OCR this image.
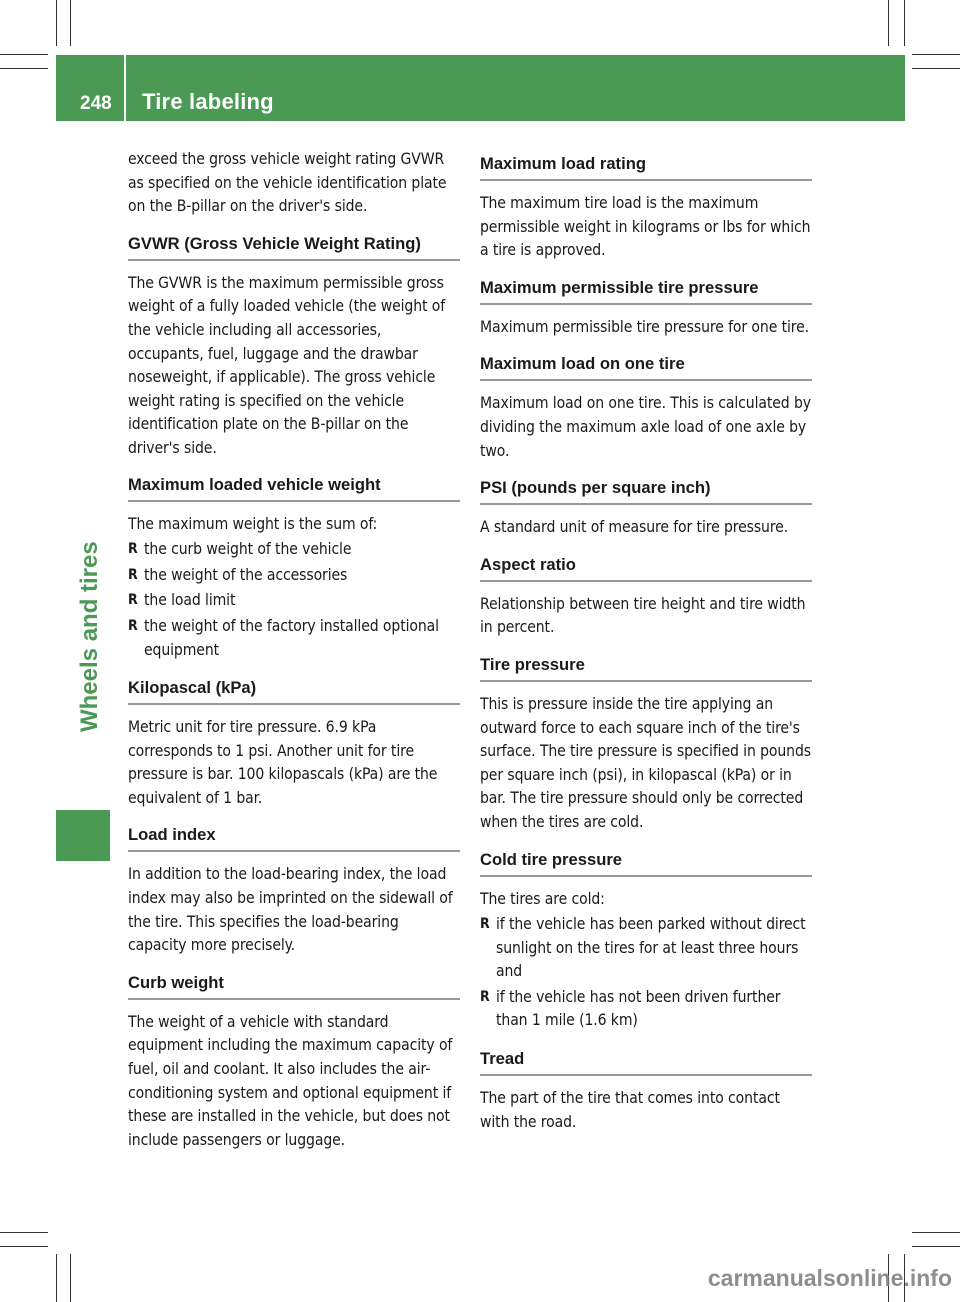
248 Tire labeling
Wheels and tires

exceed the gross vehicle weight rating GVWR as specified on the vehicle identification plate on the B-pillar on the driver's side.

GVWR (Gross Vehicle Weight Rating)

The GVWR is the maximum permissible gross weight of a fully loaded vehicle (the weight of the vehicle including all accessories, occupants, fuel, luggage and the drawbar noseweight, if applicable). The gross vehicle weight rating is specified on the vehicle identification plate on the B-pillar on the driver's side.

Maximum loaded vehicle weight

The maximum weight is the sum of:

R the curb weight of the vehicle
R the weight of the accessories
R the load limit
R the weight of the factory installed optional equipment
Kilopascal (kPa)

Metric unit for tire pressure. 6.9 kPa corresponds to 1 psi. Another unit for tire pressure is bar. 100 kilopascals (kPa) are the equivalent of 1 bar.

Load index

In addition to the load-bearing index, the load index may also be imprinted on the sidewall of the tire. This specifies the load-bearing capacity more precisely.

Curb weight

The weight of a vehicle with standard equipment including the maximum capacity of fuel, oil and coolant. It also includes the air-conditioning system and optional equipment if these are installed in the vehicle, but does not include passengers or luggage.

Maximum load rating

The maximum tire load is the maximum permissible weight in kilograms or lbs for which a tire is approved.

Maximum permissible tire pressure

Maximum permissible tire pressure for one tire.

Maximum load on one tire

Maximum load on one tire. This is calculated by dividing the maximum axle load of one axle by two.

PSI (pounds per square inch)

A standard unit of measure for tire pressure.

Aspect ratio

Relationship between tire height and tire width in percent.

Tire pressure

This is pressure inside the tire applying an outward force to each square inch of the tire's surface. The tire pressure is specified in pounds per square inch (psi), in kilopascal (kPa) or in bar. The tire pressure should only be corrected when the tires are cold.

Cold tire pressure

The tires are cold:

R if the vehicle has been parked without direct sunlight on the tires for at least three hours and
R if the vehicle has not been driven further than 1 mile (1.6 km)
Tread

The part of the tire that comes into contact with the road.

carmanualsonline.info
